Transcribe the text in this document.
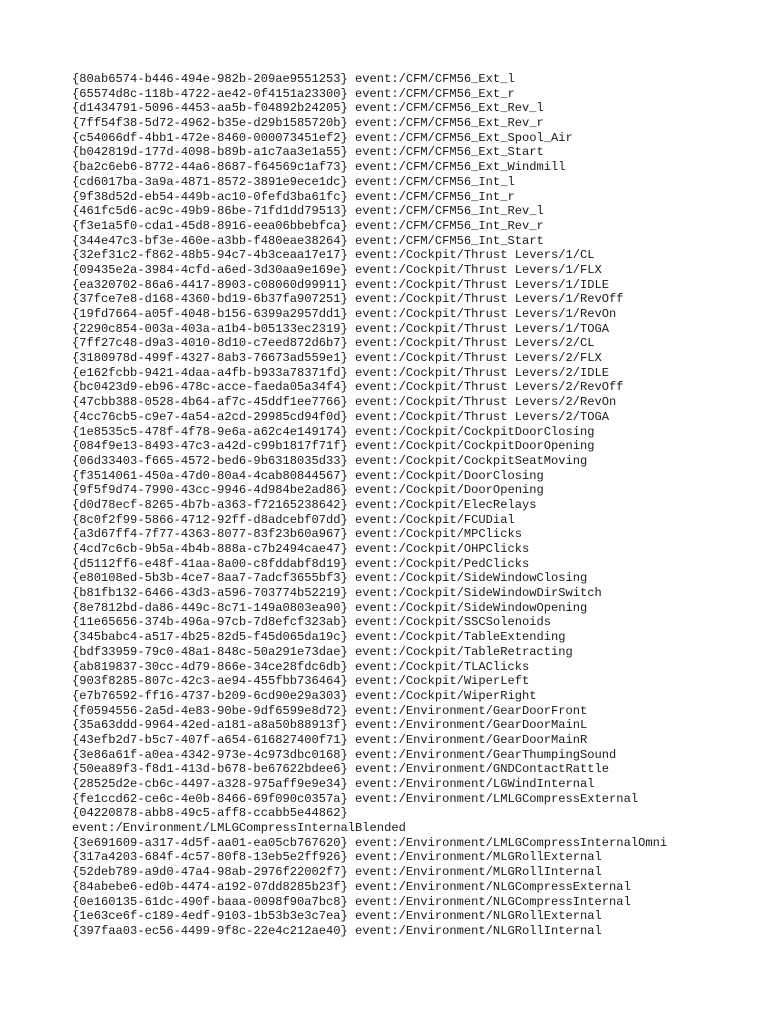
{80ab6574-b446-494e-982b-209ae9551253} event:/CFM/CFM56_Ext_l
{65574d8c-118b-4722-ae42-0f4151a23300} event:/CFM/CFM56_Ext_r
{d1434791-5096-4453-aa5b-f04892b24205} event:/CFM/CFM56_Ext_Rev_l
{7ff54f38-5d72-4962-b35e-d29b1585720b} event:/CFM/CFM56_Ext_Rev_r
{c54066df-4bb1-472e-8460-000073451ef2} event:/CFM/CFM56_Ext_Spool_Air
{b042819d-177d-4098-b89b-a1c7aa3e1a55} event:/CFM/CFM56_Ext_Start
{ba2c6eb6-8772-44a6-8687-f64569c1af73} event:/CFM/CFM56_Ext_Windmill
{cd6017ba-3a9a-4871-8572-3891e9ece1dc} event:/CFM/CFM56_Int_l
{9f38d52d-eb54-449b-ac10-0fefd3ba61fc} event:/CFM/CFM56_Int_r
{461fc5d6-ac9c-49b9-86be-71fd1dd79513} event:/CFM/CFM56_Int_Rev_l
{f3e1a5f0-cda1-45d8-8916-eea06bbebfca} event:/CFM/CFM56_Int_Rev_r
{344e47c3-bf3e-460e-a3bb-f480eae38264} event:/CFM/CFM56_Int_Start
{32ef31c2-f862-48b5-94c7-4b3ceaa17e17} event:/Cockpit/Thrust Levers/1/CL
{09435e2a-3984-4cfd-a6ed-3d30aa9e169e} event:/Cockpit/Thrust Levers/1/FLX
{ea320702-86a6-4417-8903-c08060d99911} event:/Cockpit/Thrust Levers/1/IDLE
{37fce7e8-d168-4360-bd19-6b37fa907251} event:/Cockpit/Thrust Levers/1/RevOff
{19fd7664-a05f-4048-b156-6399a2957dd1} event:/Cockpit/Thrust Levers/1/RevOn
{2290c854-003a-403a-a1b4-b05133ec2319} event:/Cockpit/Thrust Levers/1/TOGA
{7ff27c48-d9a3-4010-8d10-c7eed872d6b7} event:/Cockpit/Thrust Levers/2/CL
{3180978d-499f-4327-8ab3-76673ad559e1} event:/Cockpit/Thrust Levers/2/FLX
{e162fcbb-9421-4daa-a4fb-b933a78371fd} event:/Cockpit/Thrust Levers/2/IDLE
{bc0423d9-eb96-478c-acce-faeda05a34f4} event:/Cockpit/Thrust Levers/2/RevOff
{47cbb388-0528-4b64-af7c-45ddf1ee7766} event:/Cockpit/Thrust Levers/2/RevOn
{4cc76cb5-c9e7-4a54-a2cd-29985cd94f0d} event:/Cockpit/Thrust Levers/2/TOGA
{1e8535c5-478f-4f78-9e6a-a62c4e149174} event:/Cockpit/CockpitDoorClosing
{084f9e13-8493-47c3-a42d-c99b1817f71f} event:/Cockpit/CockpitDoorOpening
{06d33403-f665-4572-bed6-9b6318035d33} event:/Cockpit/CockpitSeatMoving
{f3514061-450a-47d0-80a4-4cab80844567} event:/Cockpit/DoorClosing
{9f5f9d74-7990-43cc-9946-4d984be2ad86} event:/Cockpit/DoorOpening
{d0d78ecf-8265-4b7b-a363-f72165238642} event:/Cockpit/ElecRelays
{8c0f2f99-5866-4712-92ff-d8adcebf07dd} event:/Cockpit/FCUDial
{a3d67ff4-7f77-4363-8077-83f23b60a967} event:/Cockpit/MPClicks
{4cd7c6cb-9b5a-4b4b-888a-c7b2494cae47} event:/Cockpit/OHPClicks
{d5112ff6-e48f-41aa-8a00-c8fddabf8d19} event:/Cockpit/PedClicks
{e80108ed-5b3b-4ce7-8aa7-7adcf3655bf3} event:/Cockpit/SideWindowClosing
{b81fb132-6466-43d3-a596-703774b52219} event:/Cockpit/SideWindowDirSwitch
{8e7812bd-da86-449c-8c71-149a0803ea90} event:/Cockpit/SideWindowOpening
{11e65656-374b-496a-97cb-7d8efcf323ab} event:/Cockpit/SSCSolenoids
{345babc4-a517-4b25-82d5-f45d065da19c} event:/Cockpit/TableExtending
{bdf33959-79c0-48a1-848c-50a291e73dae} event:/Cockpit/TableRetracting
{ab819837-30cc-4d79-866e-34ce28fdc6db} event:/Cockpit/TLAClicks
{903f8285-807c-42c3-ae94-455fbb736464} event:/Cockpit/WiperLeft
{e7b76592-ff16-4737-b209-6cd90e29a303} event:/Cockpit/WiperRight
{f0594556-2a5d-4e83-90be-9df6599e8d72} event:/Environment/GearDoorFront
{35a63ddd-9964-42ed-a181-a8a50b88913f} event:/Environment/GearDoorMainL
{43efb2d7-b5c7-407f-a654-616827400f71} event:/Environment/GearDoorMainR
{3e86a61f-a0ea-4342-973e-4c973dbc0168} event:/Environment/GearThumpingSound
{50ea89f3-f8d1-413d-b678-be67622bdee6} event:/Environment/GNDContactRattle
{28525d2e-cb6c-4497-a328-975aff9e9e34} event:/Environment/LGWindInternal
{fe1ccd62-ce6c-4e0b-8466-69f090c0357a} event:/Environment/LMLGCompressExternal
{04220878-abb8-49c5-aff8-ccabb5e44862}
event:/Environment/LMLGCompressInternalBlended
{3e691609-a317-4d5f-aa01-ea05cb767620} event:/Environment/LMLGCompressInternalOmni
{317a4203-684f-4c57-80f8-13eb5e2ff926} event:/Environment/MLGRollExternal
{52deb789-a9d0-47a4-98ab-2976f22002f7} event:/Environment/MLGRollInternal
{84abebe6-ed0b-4474-a192-07dd8285b23f} event:/Environment/NLGCompressExternal
{0e160135-61dc-490f-baaa-0098f90a7bc8} event:/Environment/NLGCompressInternal
{1e63ce6f-c189-4edf-9103-1b53b3e3c7ea} event:/Environment/NLGRollExternal
{397faa03-ec56-4499-9f8c-22e4c212ae40} event:/Environment/NLGRollInternal
